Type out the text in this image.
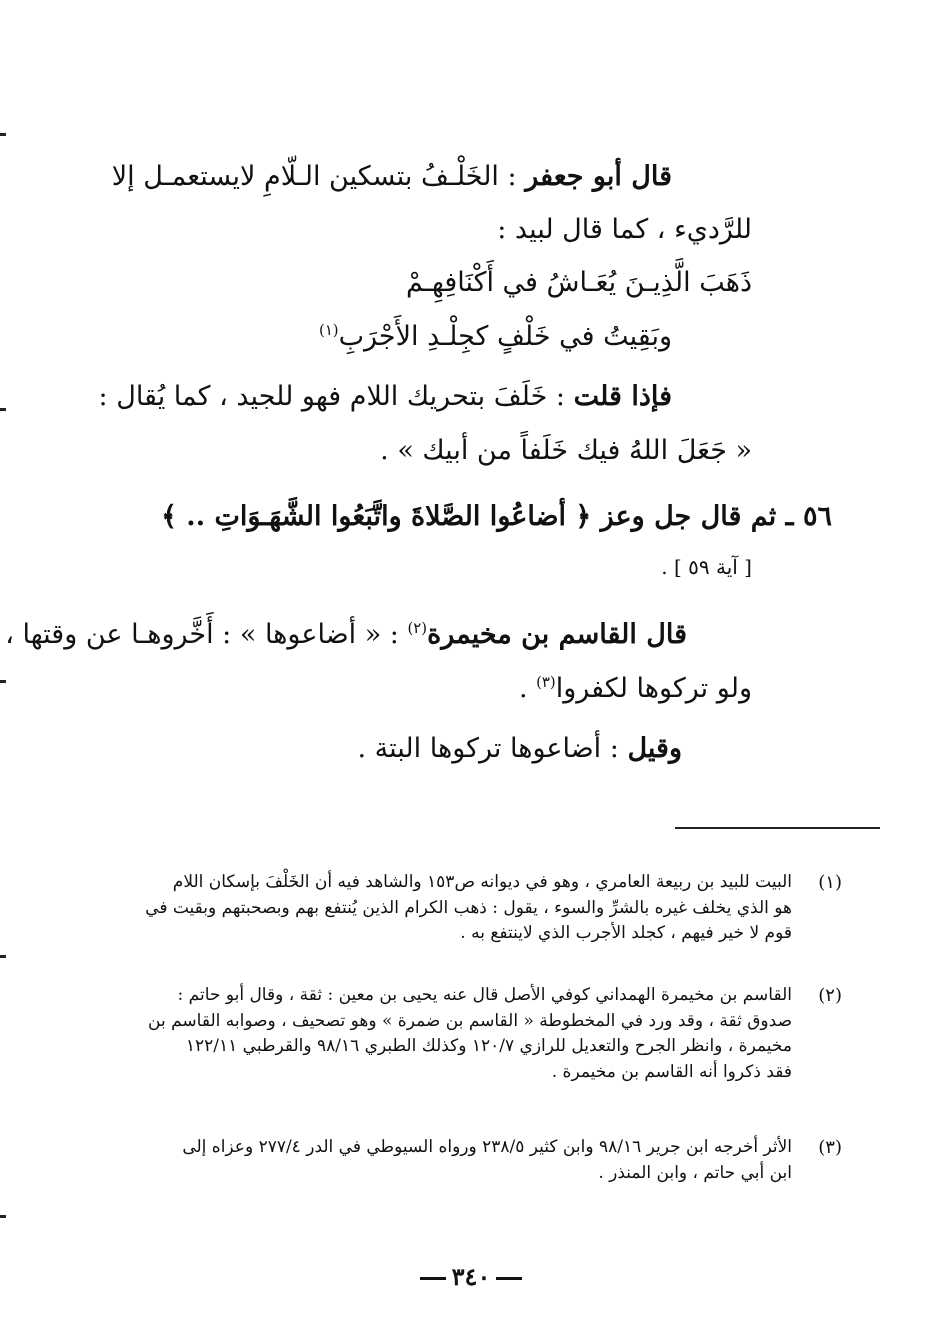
قال أبو جعفر : الخَلْـفُ بتسكين الـلّامِ لايستعمـل إلا
للرَّديء ، كما قال لبيد :
ذَهَبَ الَّذِيـنَ يُعَـاشُ في أَكْنَافِهِـمْ
وبَقِيتُ في خَلْفٍ كجِلْـدِ الأَجْرَبِ$^{(١)}$
فإذا قلت : خَلَفَ بتحريك اللام فهو للجيد ، كما يُقال :
« جَعَلَ اللهُ فيك خَلَفاً من أبيك » .
٥٦ ـ ثم قال جل وعز ﴿ أضاعُوا الصَّلاةَ واتَّبَعُوا الشَّهَـوَاتِ .. ﴾
[ آية ٥٩ ] .
قال القاسم بن مخيمرة$^{(٢)}$ : « أضاعوها » : أَخَّروهـا عن وقتها ،
ولو تركوها لكفروا$^{(٣)}$ .
وقيل : أضاعوها تركوها البتة .
(١)
البيت للبيد بن ربيعة العامري ، وهو في ديوانه ص١٥٣ والشاهد فيه أن الخَلْفَ بإسكان اللام
هو الذي يخلف غيره بالشرِّ والسوء ، يقول : ذهب الكرام الذين يُنتفع بهم وبصحبتهم وبقيت في
قوم لا خير فيهم ، كجلد الأجرب الذي لاينتفع به .
(٢)
القاسم بن مخيمرة الهمداني كوفي الأصل قال عنه يحيى بن معين : ثقة ، وقال أبو حاتم :
صدوق ثقة ، وقد ورد في المخطوطة « القاسم بن ضمرة » وهو تصحيف ، وصوابه القاسم بن
مخيمرة ، وانظر الجرح والتعديل للرازي ١٢٠/٧ وكذلك الطبري ٩٨/١٦ والقرطبي ١٢٢/١١
فقد ذكروا أنه القاسم بن مخيمرة .
(٣)
الأثر أخرجه ابن جرير ٩٨/١٦ وابن كثير ٢٣٨/٥ ورواه السيوطي في الدر ٢٧٧/٤ وعزاه إلى
ابن أبي حاتم ، وابن المنذر .
٣٤٠
